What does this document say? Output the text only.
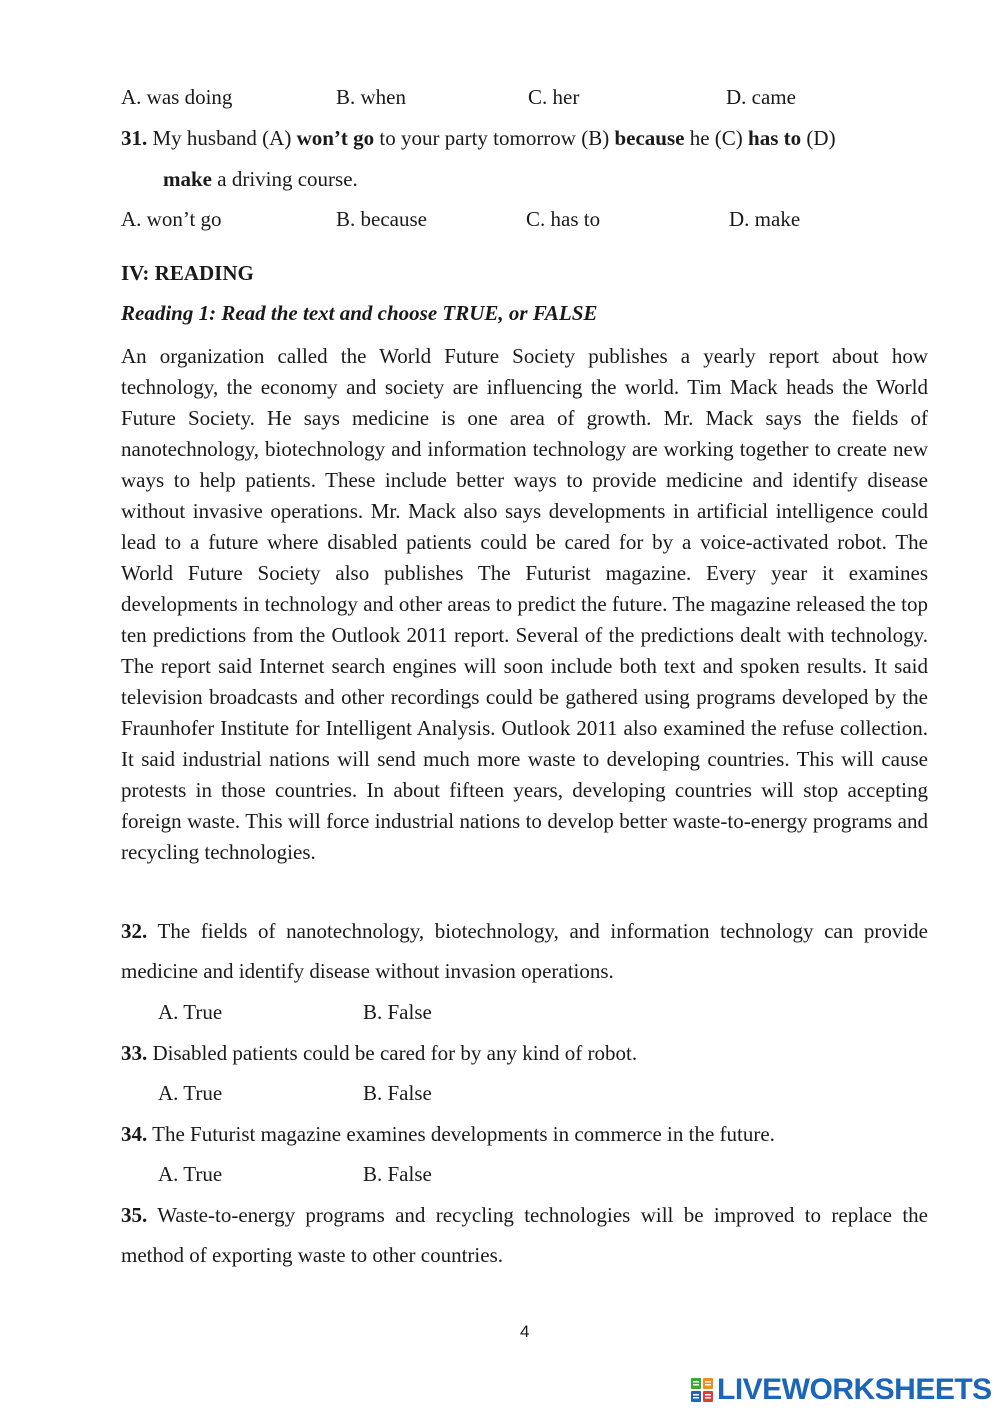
A. was doing	B. when	C. her	D. came
31. My husband (A) won’t go to your party tomorrow (B) because he (C) has to (D)
make a driving course.
A. won’t go	B. because	C. has to	D. make
IV: READING
Reading 1: Read the text and choose TRUE, or FALSE

An organization called the World Future Society publishes a yearly report about how technology, the economy and society are influencing the world. Tim Mack heads the World Future Society. He says medicine is one area of growth. Mr. Mack says the fields of nanotechnology, biotechnology and information technology are working together to create new ways to help patients. These include better ways to provide medicine and identify disease without invasive operations. Mr. Mack also says developments in artificial intelligence could lead to a future where disabled patients could be cared for by a voice-activated robot. The World Future Society also publishes The Futurist magazine. Every year it examines developments in technology and other areas to predict the future. The magazine released the top ten predictions from the Outlook 2011 report. Several of the predictions dealt with technology. The report said Internet search engines will soon include both text and spoken results. It said television broadcasts and other recordings could be gathered using programs developed by the Fraunhofer Institute for Intelligent Analysis. Outlook 2011 also examined the refuse collection. It said industrial nations will send much more waste to developing countries. This will cause protests in those countries. In about fifteen years, developing countries will stop accepting foreign waste. This will force industrial nations to develop better waste-to-energy programs and recycling technologies.

32. The fields of nanotechnology, biotechnology, and information technology can provide medicine and identify disease without invasion operations.

A. True	B. False
33. Disabled patients could be cared for by any kind of robot.
A. True	B. False
34. The Futurist magazine examines developments in commerce in the future.
A. True	B. False

35. Waste-to-energy programs and recycling technologies will be improved to replace the method of exporting waste to other countries.

4
LIVEWORKSHEETS
